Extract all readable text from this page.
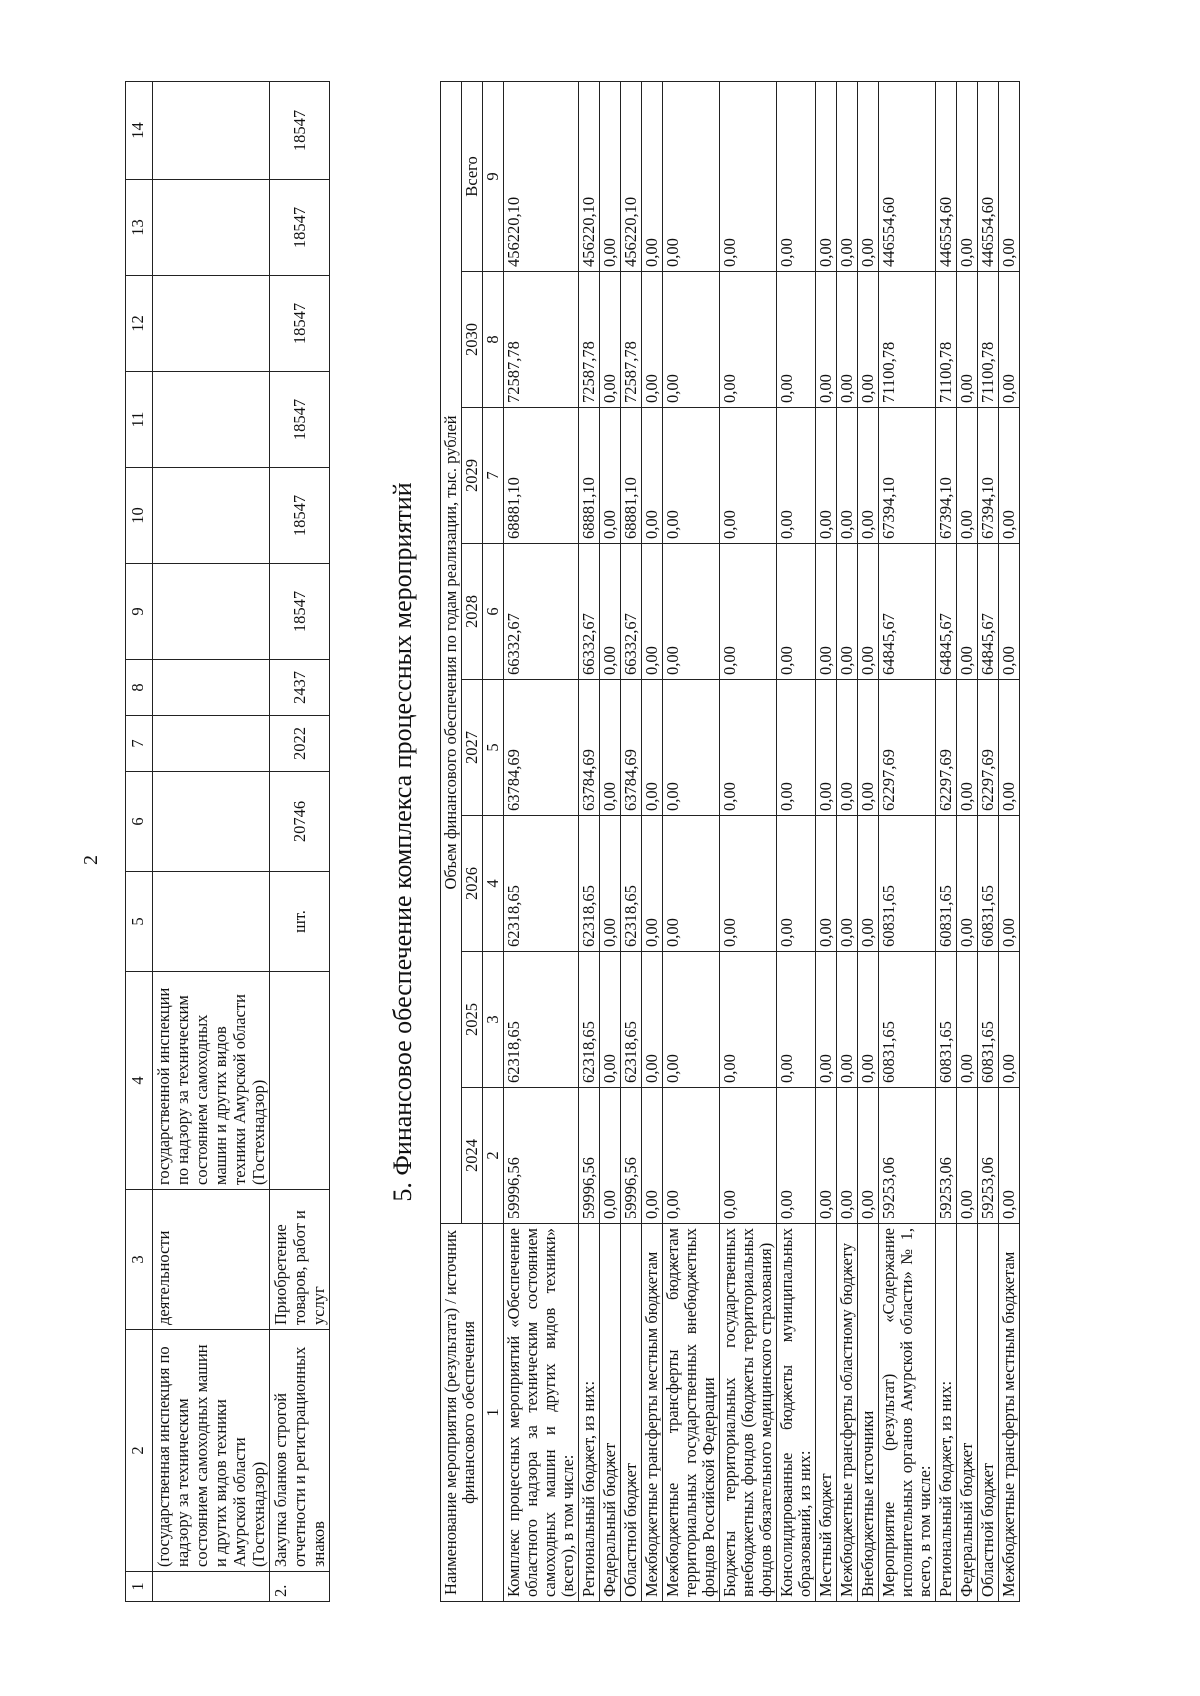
2
1	2	3	4	5	6	7	8	9	10	11	12	13	14
	(государственная инспекция по надзору за техническим состоянием самоходных машин и других видов техники Амурской области (Гостехнадзор)	деятельности	государственной инспекции по надзору за техническим состоянием самоходных машин и других видов техники Амурской области (Гостехнадзор)										
2.	Закупка бланков строгой отчетности и регистрационных знаков	Приобретение товаров, работ и услуг		шт.	20746	2022	2437	18547	18547	18547	18547	18547	18547
5. Финансовое обеспечение комплекса процессных мероприятий
Наименование мероприятия (результата) / источник финансового обеспечения	Объем финансового обеспечения по годам реализации, тыс. рублей							
	2024	2025	2026	2027	2028	2029	2030	Всего
1	2	3	4	5	6	7	8	9
Комплекс процессных мероприятий «Обеспечение областного надзора за техническим состоянием самоходных машин и других видов техники» (всего), в том числе:	59996,56	62318,65	62318,65	63784,69	66332,67	68881,10	72587,78	456220,10
Региональный бюджет, из них:	59996,56	62318,65	62318,65	63784,69	66332,67	68881,10	72587,78	456220,10
Федеральный бюджет	0,00	0,00	0,00	0,00	0,00	0,00	0,00	0,00
Областной бюджет	59996,56	62318,65	62318,65	63784,69	66332,67	68881,10	72587,78	456220,10
Межбюджетные трансферты местным бюджетам	0,00	0,00	0,00	0,00	0,00	0,00	0,00	0,00
Межбюджетные трансферты бюджетам территориальных государственных внебюджетных фондов Российской Федерации	0,00	0,00	0,00	0,00	0,00	0,00	0,00	0,00
Бюджеты территориальных государственных внебюджетных фондов (бюджеты территориальных фондов обязательного медицинского страхования)	0,00	0,00	0,00	0,00	0,00	0,00	0,00	0,00
Консолидированные бюджеты муниципальных образований, из них:	0,00	0,00	0,00	0,00	0,00	0,00	0,00	0,00
Местный бюджет	0,00	0,00	0,00	0,00	0,00	0,00	0,00	0,00
Межбюджетные трансферты областному бюджету	0,00	0,00	0,00	0,00	0,00	0,00	0,00	0,00
Внебюджетные источники	0,00	0,00	0,00	0,00	0,00	0,00	0,00	0,00
Мероприятие (результат) «Содержание исполнительных органов Амурской области» № 1, всего, в том числе:	59253,06	60831,65	60831,65	62297,69	64845,67	67394,10	71100,78	446554,60
Региональный бюджет, из них:	59253,06	60831,65	60831,65	62297,69	64845,67	67394,10	71100,78	446554,60
Федеральный бюджет	0,00	0,00	0,00	0,00	0,00	0,00	0,00	0,00
Областной бюджет	59253,06	60831,65	60831,65	62297,69	64845,67	67394,10	71100,78	446554,60
Межбюджетные трансферты местным бюджетам	0,00	0,00	0,00	0,00	0,00	0,00	0,00	0,00
